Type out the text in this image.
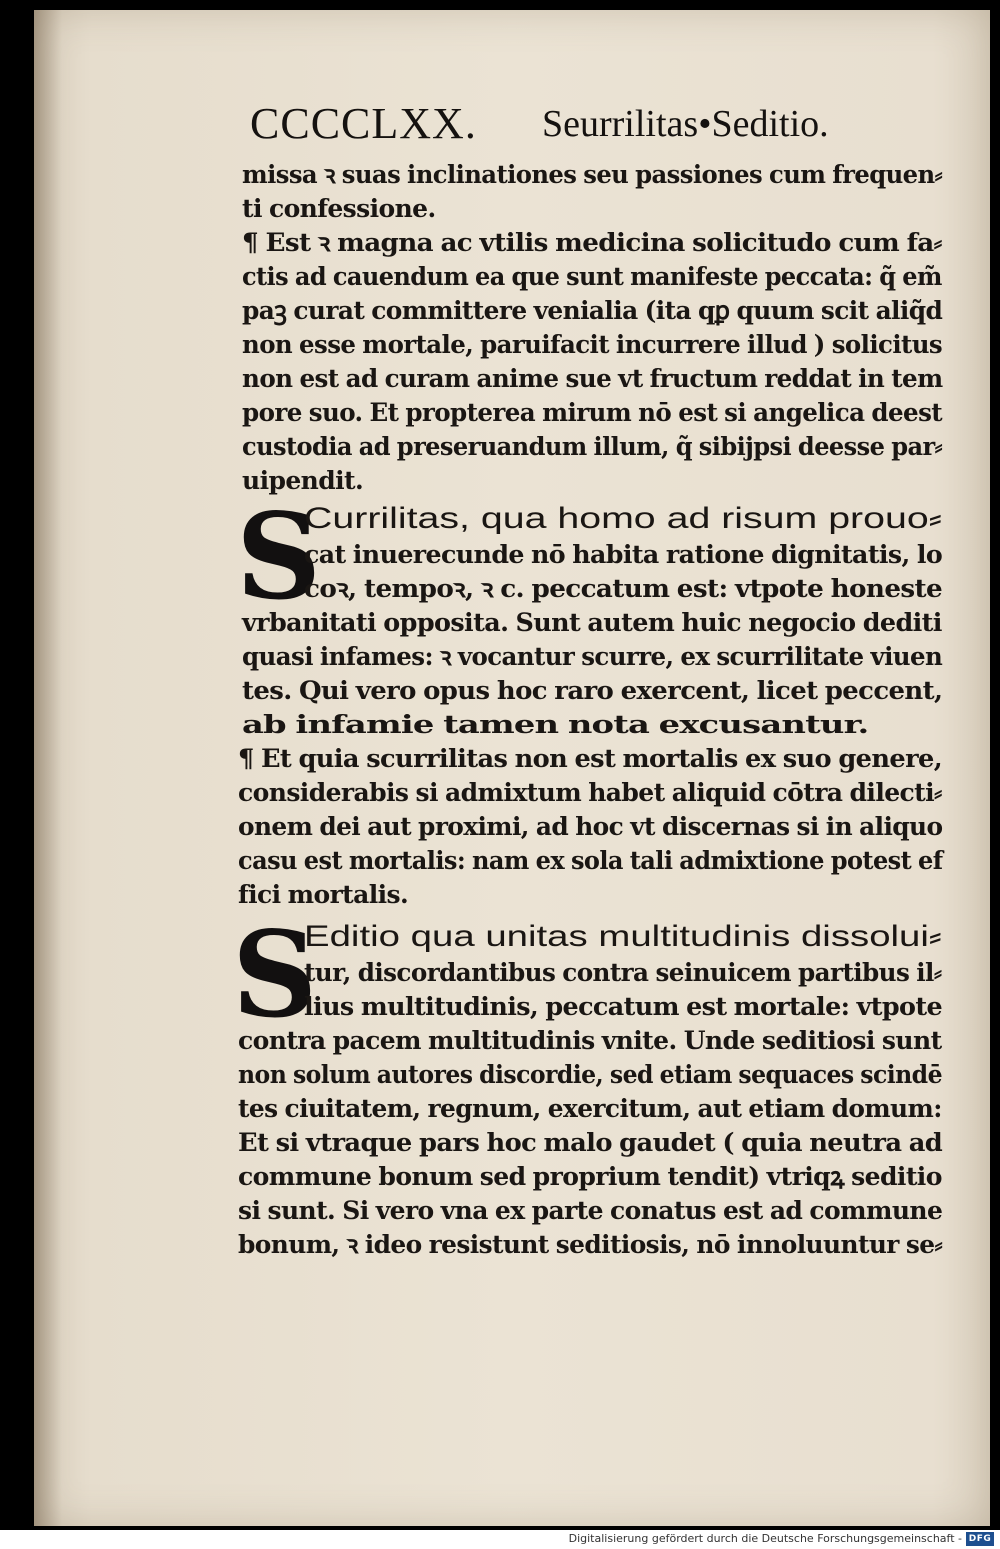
CCCCLXX. Seurrilitas•Seditio.
missa ꝛ suas inclinationes seu passiones cum frequen⸗
ti confessione.
¶ Est ꝛ magna ac vtilis medicina solicitudo cum fa⸗
ctis ad cauendum ea que sunt manifeste peccata: q̃ em̃
paꝫ curat committere venialia (ita qꝑ quum scit aliq̃d
non esse mortale, paruifacit incurrere illud ) solicitus
non est ad curam anime sue vt fructum reddat in tem
pore suo. Et propterea mirum nō est si angelica deest
custodia ad preseruandum illum, q̃ sibijpsi deesse par⸗
uipendit.
S
Currilitas, qua homo ad risum prouo⸗
cat inuerecunde nō habita ratione dignitatis, lo
coꝛ, tempoꝛ, ꝛ c. peccatum est: vtpote honeste
vrbanitati opposita. Sunt autem huic negocio dediti
quasi infames: ꝛ vocantur scurre, ex scurrilitate viuen
tes. Qui vero opus hoc raro exercent, licet peccent,
ab infamie tamen nota excusantur.
¶ Et quia scurrilitas non est mortalis ex suo genere,
considerabis si admixtum habet aliquid cōtra dilecti⸗
onem dei aut proximi, ad hoc vt discernas si in aliquo
casu est mortalis: nam ex sola tali admixtione potest ef
fici mortalis.
S
Editio qua unitas multitudinis dissolui⸗
tur, discordantibus contra seinuicem partibus il⸗
lius multitudinis, peccatum est mortale: vtpote
contra pacem multitudinis vnite. Unde seditiosi sunt
non solum autores discordie, sed etiam sequaces scindē
tes ciuitatem, regnum, exercitum, aut etiam domum:
Et si vtraque pars hoc malo gaudet ( quia neutra ad
commune bonum sed proprium tendit) vtriqꝝ seditio
si sunt. Si vero vna ex parte conatus est ad commune
bonum, ꝛ ideo resistunt seditiosis, nō innoluuntur se⸗
Digitalisierung gefördert durch die Deutsche Forschungsgemeinschaft - DFG
